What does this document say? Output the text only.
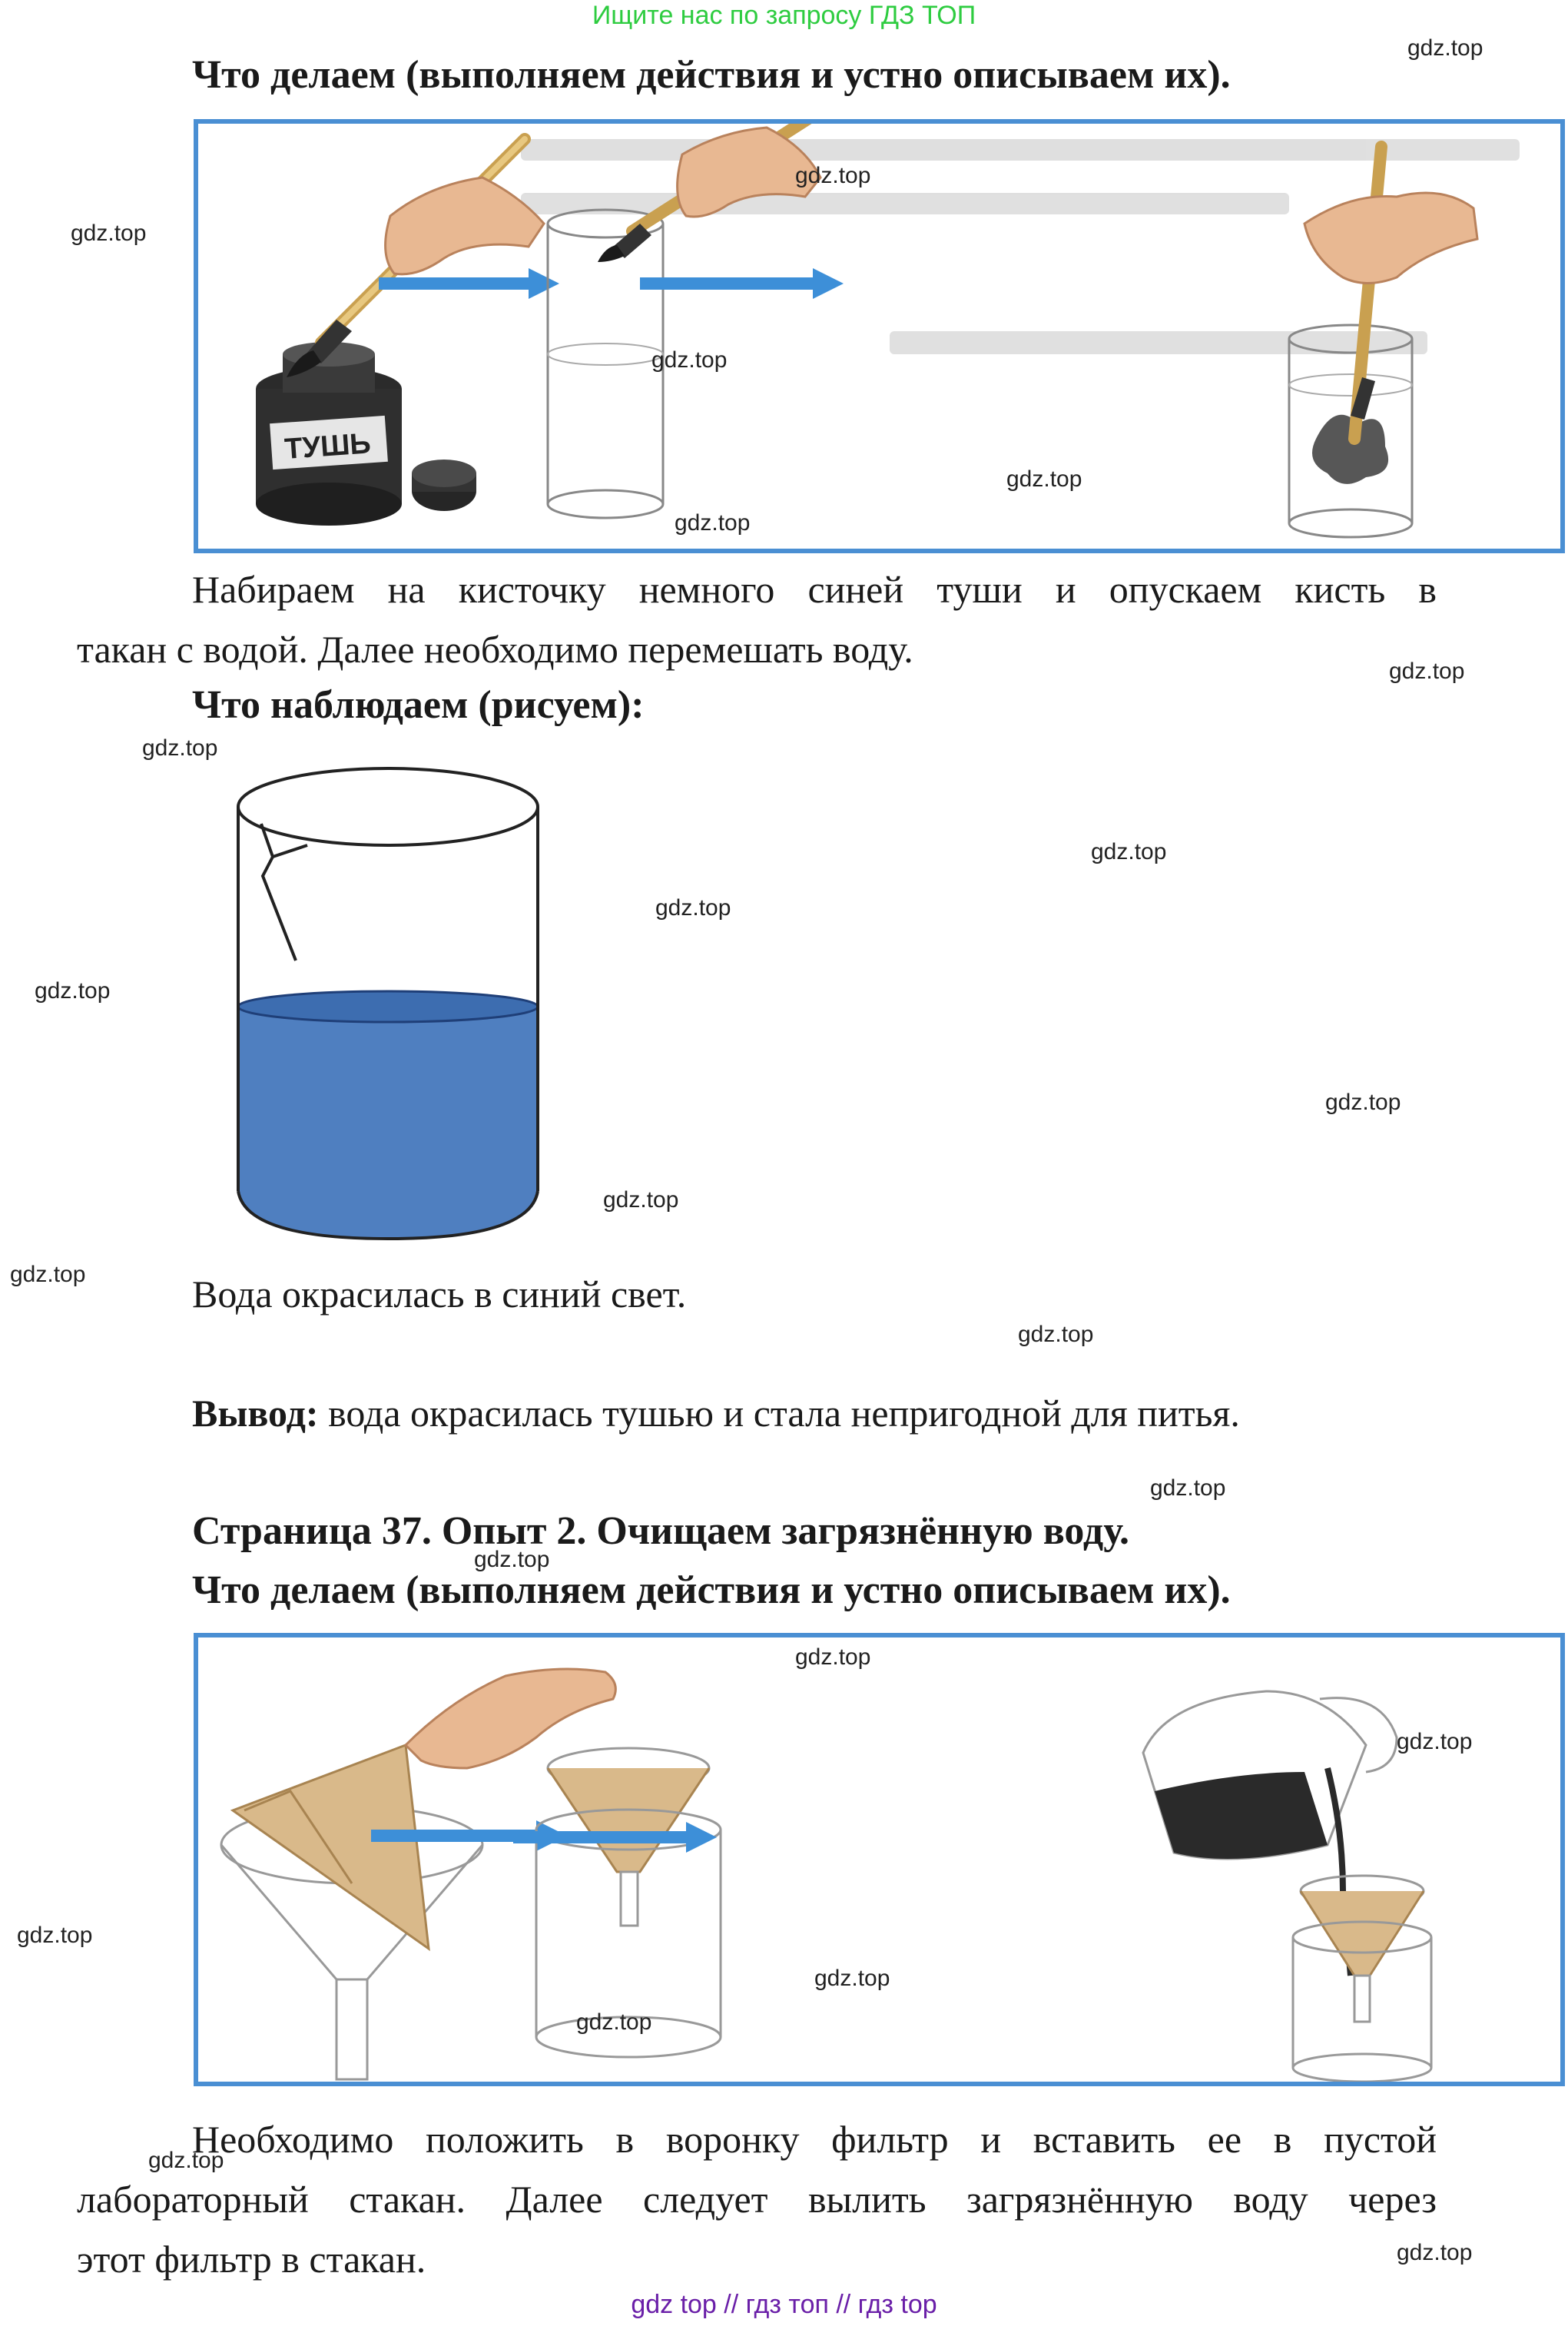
Ищите нас по запросу ГДЗ ТОП
Что делаем (выполняем действия и устно описываем их).
ТУШЬ
Набираем на кисточку немного синей туши и опускаем кисть в
такан с водой. Далее необходимо перемешать воду.
Что наблюдаем (рисуем):
Вода окрасилась в синий свет.
Вывод: вода окрасилась тушью и стала непригодной для питья.
Страница 37. Опыт 2. Очищаем загрязнённую воду.
Что делаем (выполняем действия и устно описываем их).
Необходимо положить в воронку фильтр и вставить ее в пустой
лабораторный стакан. Далее следует вылить загрязнённую воду через
этот фильтр в стакан.
gdz.top
gdz.top
gdz.top
gdz.top
gdz.top
gdz.top
gdz.top
gdz.top
gdz.top
gdz.top
gdz.top
gdz.top
gdz.top
gdz.top
gdz.top
gdz.top
gdz.top
gdz.top
gdz.top
gdz.top
gdz.top
gdz.top
gdz.top
gdz.top
gdz top // гдз топ // гдз top
